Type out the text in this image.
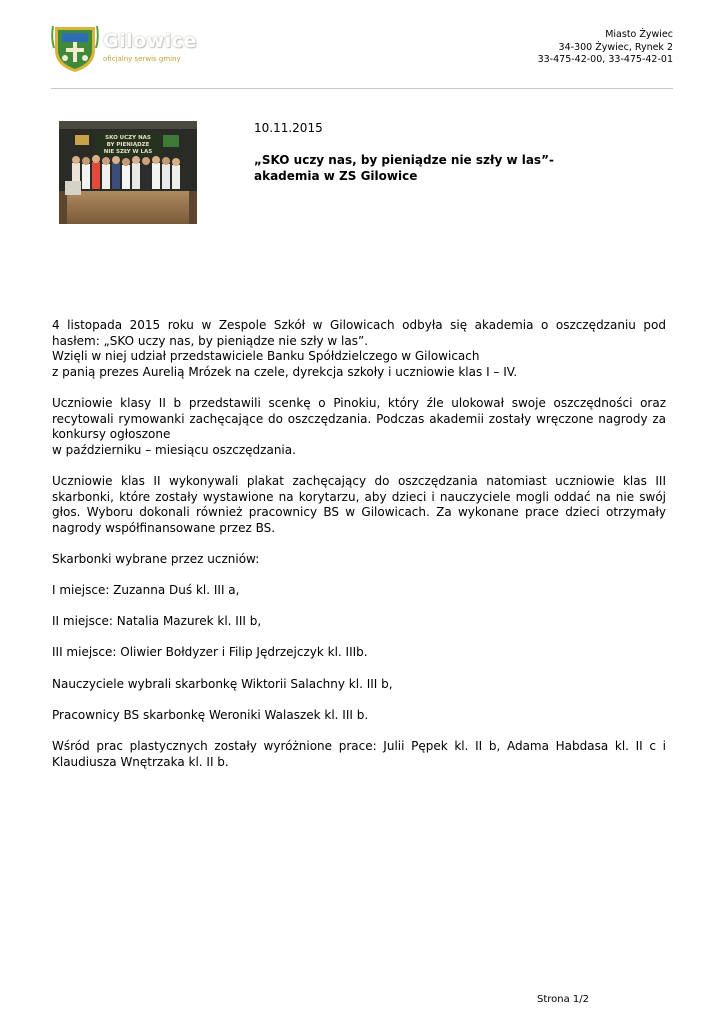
Gilowice
oficjalny serwis gminy
Miasto Żywiec
34-300 Żywiec, Rynek 2
33-475-42-00, 33-475-42-01
SKO UCZY NAS
BY PIENIĄDZE
NIE SZŁY W LAS
10.11.2015
„SKO uczy nas, by pieniądze nie szły w las”-
akademia w ZS Gilowice

4 listopada 2015 roku w Zespole Szkół w Gilowicach odbyła się akademia o oszczędzaniu pod
hasłem: „SKO uczy nas, by pieniądze nie szły w las”.
Wzięli w niej udział przedstawiciele Banku Spółdzielczego w Gilowicach
z panią prezes Aurelią Mrózek na czele, dyrekcja szkoły i uczniowie klas I – IV.

Uczniowie klasy II b przedstawili scenkę o Pinokiu, który źle ulokował swoje oszczędności oraz recytowali rymowanki zachęcające do oszczędzania. Podczas akademii zostały wręczone nagrody za konkursy ogłoszone
w październiku – miesiącu oszczędzania.

Uczniowie klas II wykonywali plakat zachęcający do oszczędzania natomiast uczniowie klas III skarbonki, które zostały wystawione na korytarzu, aby dzieci i nauczyciele mogli oddać na nie swój głos. Wyboru dokonali również pracownicy BS w Gilowicach. Za wykonane prace dzieci otrzymały nagrody współfinansowane przez BS.

Skarbonki wybrane przez uczniów:

I miejsce: Zuzanna Duś kl. III a,

II miejsce: Natalia Mazurek kl. III b,

III miejsce: Oliwier Bołdyzer i Filip Jędrzejczyk kl. IIIb.

Nauczyciele wybrali skarbonkę Wiktorii Salachny kl. III b,

Pracownicy BS skarbonkę Weroniki Walaszek kl. III b.

Wśród prac plastycznych zostały wyróżnione prace: Julii Pępek kl. II b, Adama Habdasa kl. II c i Klaudiusza Wnętrzaka kl. II b.

Strona 1/2
